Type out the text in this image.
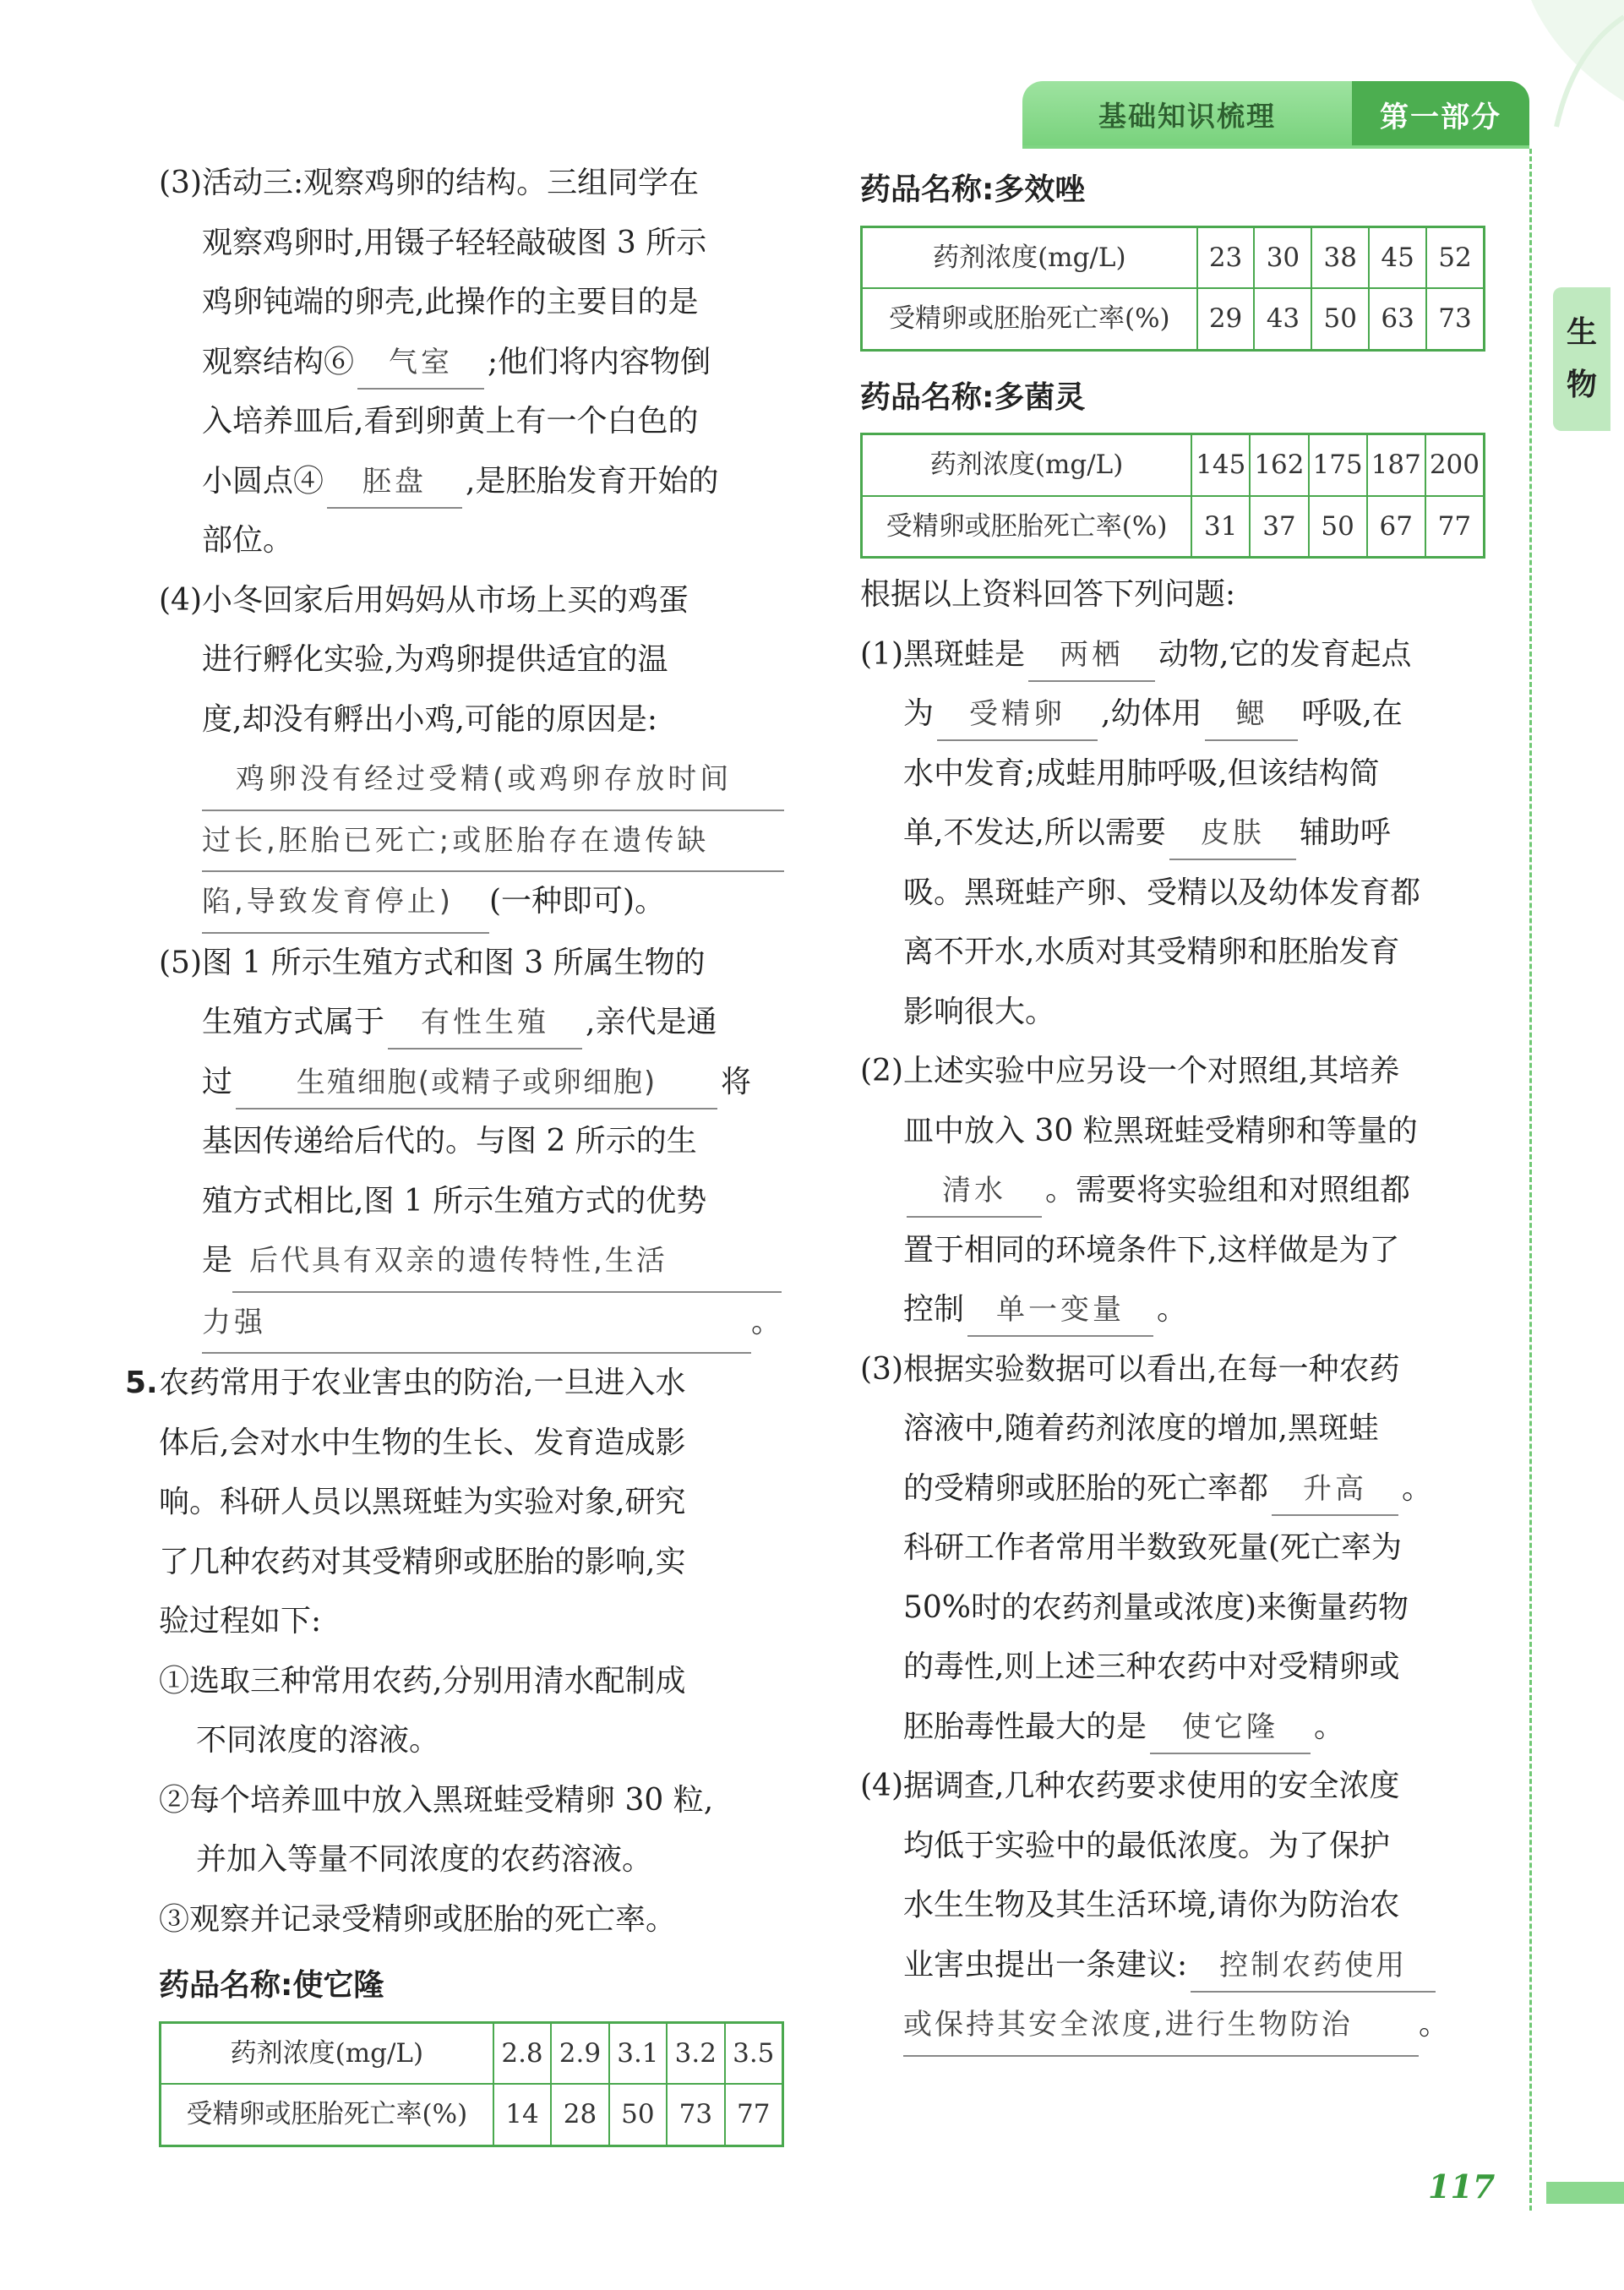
基础知识梳理	第一部分
生
物
(3) 活动三:观察鸡卵的结构。三组同学在

观察鸡卵时,用镊子轻轻敲破图 3 所示

鸡卵钝端的卵壳,此操作的主要目的是

观察结构⑥ 气室 ;他们将内容物倒

入培养皿后,看到卵黄上有一个白色的

小圆点④ 胚盘 ,是胚胎发育开始的

部位。

(4) 小冬回家后用妈妈从市场上买的鸡蛋

进行孵化实验,为鸡卵提供适宜的温

度,却没有孵出小鸡,可能的原因是:

鸡卵没有经过受精(或鸡卵存放时间

过长,胚胎已死亡;或胚胎存在遗传缺

陷,导致发育停止) (一种即可)。

(5) 图 1 所示生殖方式和图 3 所属生物的

生殖方式属于 有性生殖 ,亲代是通

过 生殖细胞(或精子或卵细胞) 将

基因传递给后代的。与图 2 所示的生

殖方式相比,图 1 所示生殖方式的优势

是 后代具有双亲的遗传特性,生活

力强	。

5. 农药常用于农业害虫的防治,一旦进入水

体后,会对水中生物的生长、发育造成影

响。科研人员以黑斑蛙为实验对象,研究

了几种农药对其受精卵或胚胎的影响,实

验过程如下:

①选取三种常用农药,分别用清水配制成

不同浓度的溶液。

②每个培养皿中放入黑斑蛙受精卵 30 粒,

并加入等量不同浓度的农药溶液。

③观察并记录受精卵或胚胎的死亡率。

药品名称:使它隆
药剂浓度(mg/L)	2.8	2.9	3.1	3.2	3.5
受精卵或胚胎死亡率(%)	14	28	50	73	77
药品名称:多效唑
药剂浓度(mg/L)	23	30	38	45	52
受精卵或胚胎死亡率(%)	29	43	50	63	73
药品名称:多菌灵
药剂浓度(mg/L)	145	162	175	187	200
受精卵或胚胎死亡率(%)	31	37	50	67	77

根据以上资料回答下列问题:

(1) 黑斑蛙是 两栖 动物,它的发育起点

为 受精卵 ,幼体用 鳃 呼吸,在

水中发育;成蛙用肺呼吸,但该结构简

单,不发达,所以需要 皮肤 辅助呼

吸。黑斑蛙产卵、受精以及幼体发育都

离不开水,水质对其受精卵和胚胎发育

影响很大。

(2) 上述实验中应另设一个对照组,其培养

皿中放入 30 粒黑斑蛙受精卵和等量的

清水 。需要将实验组和对照组都

置于相同的环境条件下,这样做是为了

控制 单一变量 。

(3) 根据实验数据可以看出,在每一种农药

溶液中,随着药剂浓度的增加,黑斑蛙

的受精卵或胚胎的死亡率都 升高 。

科研工作者常用半数致死量(死亡率为

50%时的农药剂量或浓度)来衡量药物

的毒性,则上述三种农药中对受精卵或

胚胎毒性最大的是 使它隆 。

(4) 据调查,几种农药要求使用的安全浓度

均低于实验中的最低浓度。为了保护

水生生物及其生活环境,请你为防治农

业害虫提出一条建议: 控制农药使用

或保持其安全浓度,进行生物防治 。

117
